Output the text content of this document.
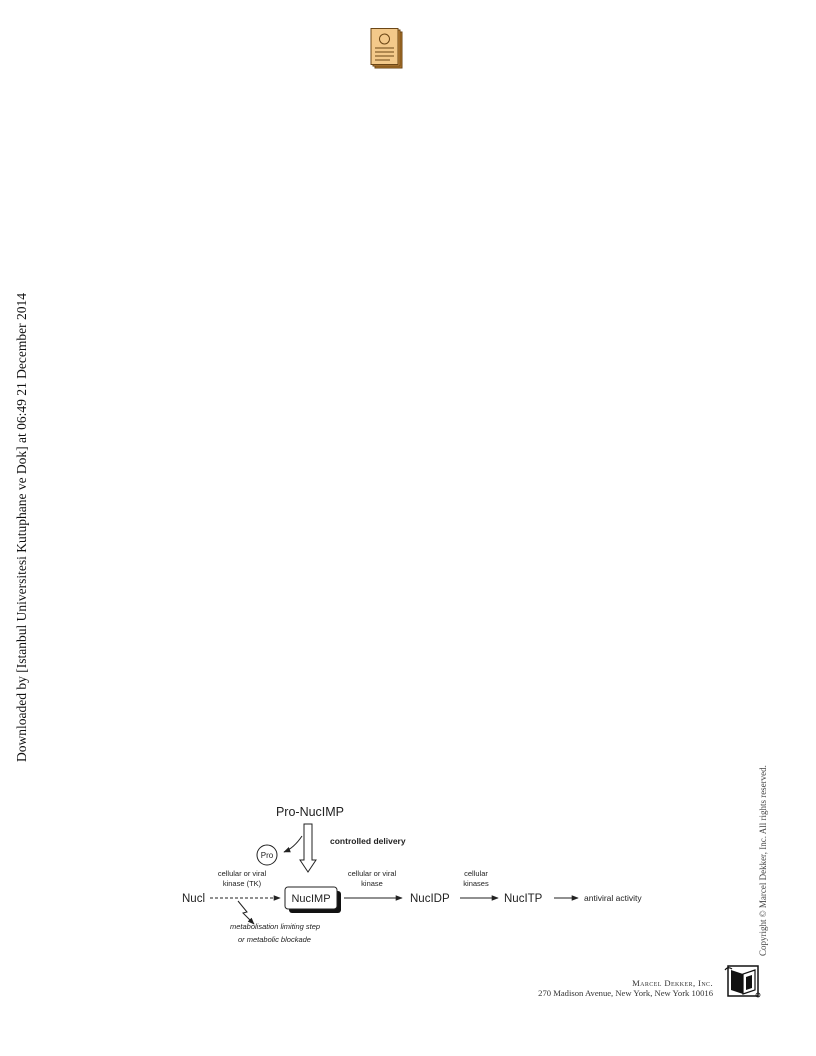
Downloaded by [Istanbul Universitesi Kutuphane ve Dok] at 06:49 21 December 2014
Copyright © Marcel Dekker, Inc. All rights reserved.
Pro-NucIMP
controlled delivery
Pro
Nucl
cellular or viral
kinase (TK)
metabolisation limiting step
or metabolic blockade
NucIMP
cellular or viral
kinase
NucIDP
cellular
kinases
NucITP	antiviral activity
Marcel Dekker, Inc.
270 Madison Avenue, New York, New York 10016
